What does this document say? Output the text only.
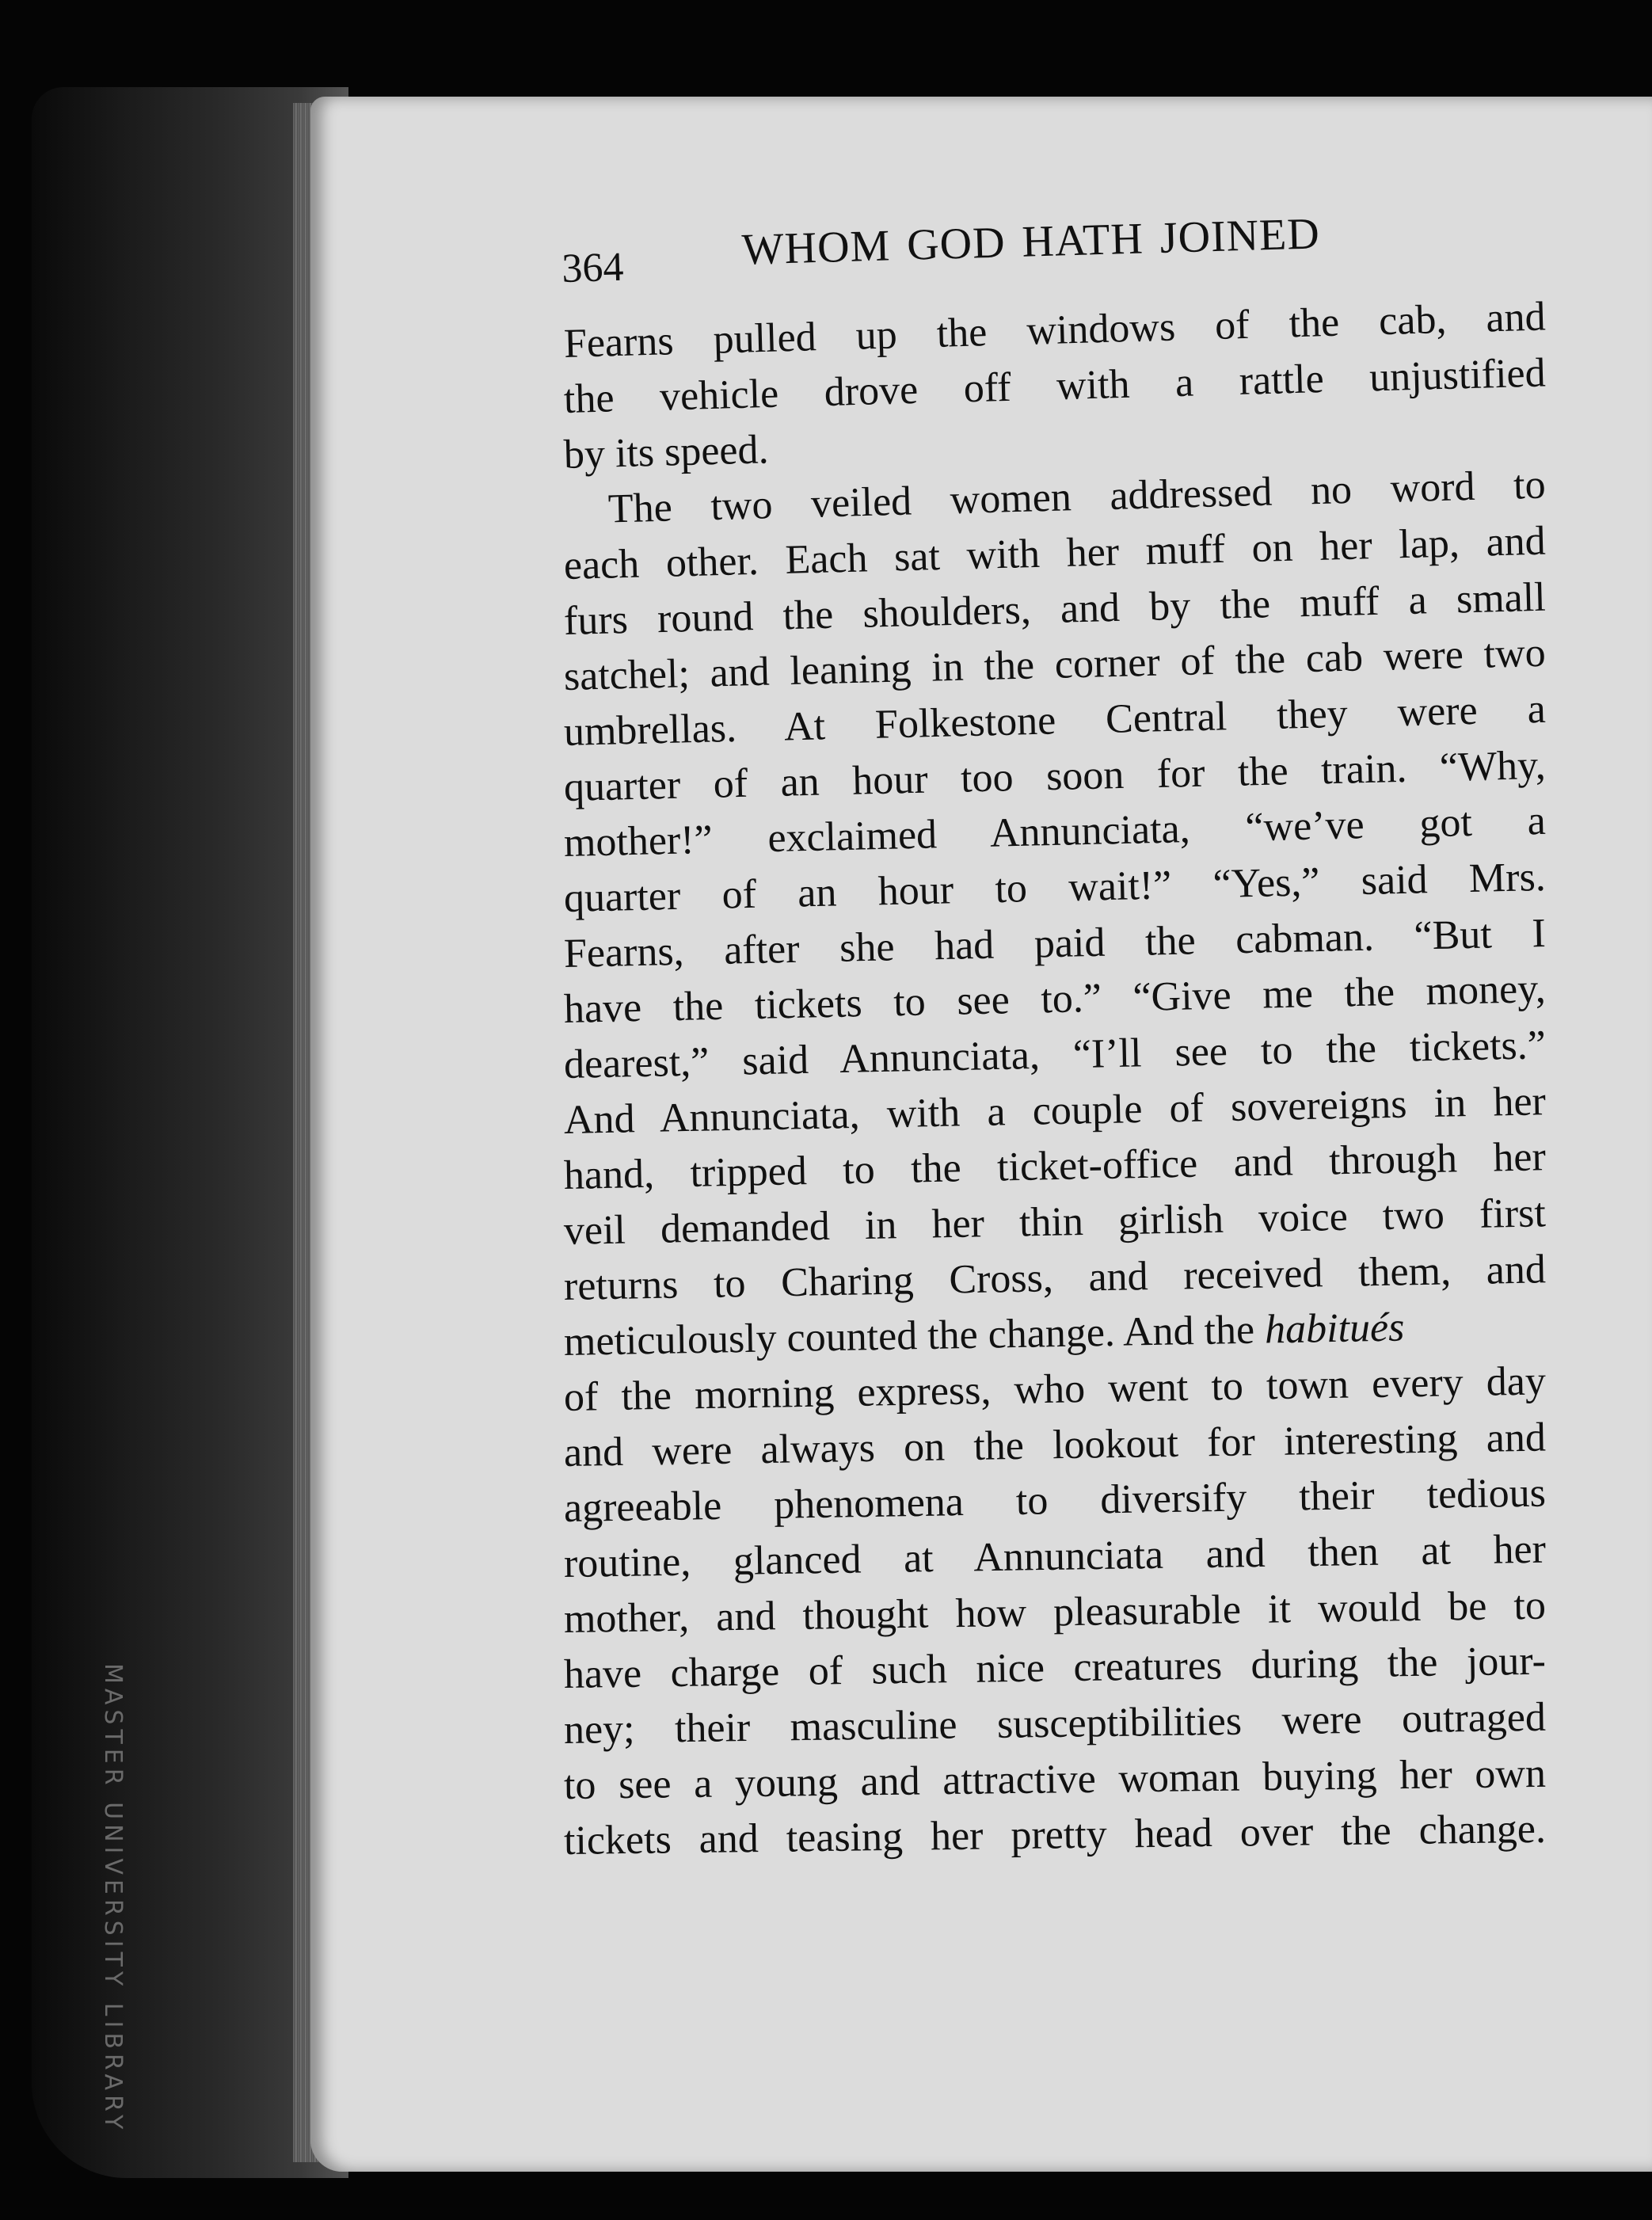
MASTER UNIVERSITY LIBRARY
364	WHOM GOD HATH JOINED
Fearns pulled up the windows of the cab, and
the vehicle drove off with a rattle unjustified
by its speed.
The two veiled women addressed no word to
each other. Each sat with her muff on her lap, and
furs round the shoulders, and by the muff a small
satchel; and leaning in the corner of the cab were two
umbrellas. At Folkestone Central they were a
quarter of an hour too soon for the train. “Why,
mother!” exclaimed Annunciata, “we’ve got a
quarter of an hour to wait!” “Yes,” said Mrs.
Fearns, after she had paid the cabman. “But I
have the tickets to see to.” “Give me the money,
dearest,” said Annunciata, “I’ll see to the tickets.”
And Annunciata, with a couple of sovereigns in her
hand, tripped to the ticket-office and through her
veil demanded in her thin girlish voice two first
returns to Charing Cross, and received them, and
meticulously counted the change. And the habitués
of the morning express, who went to town every day
and were always on the lookout for interesting and
agreeable phenomena to diversify their tedious
routine, glanced at Annunciata and then at her
mother, and thought how pleasurable it would be to
have charge of such nice creatures during the jour-
ney; their masculine susceptibilities were outraged
to see a young and attractive woman buying her own
tickets and teasing her pretty head over the change.
